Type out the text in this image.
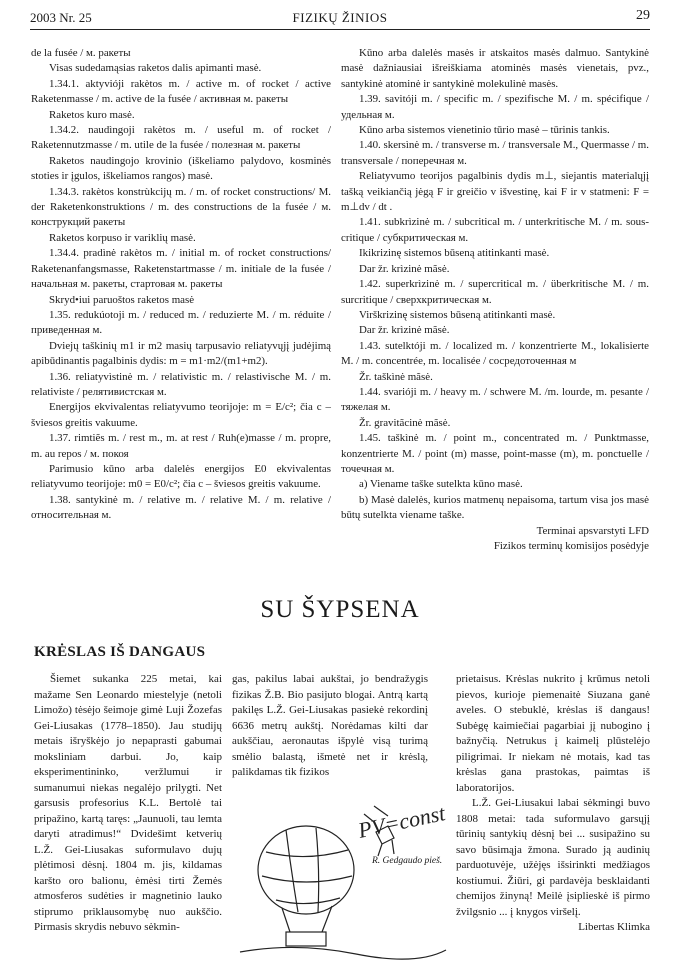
2003 Nr. 25	FIZIKŲ ŽINIOS	29

de la fusée / м. ракеты

Visas sudedamąsias raketos dalis apimanti masė.

1.34.1. aktyvióji rakètos m. / active m. of rocket / active Raketenmasse / m. active de la fusée / активная м. ракеты

Raketos kuro masė.

1.34.2. naudìngoji rakètos m. / useful m. of rocket / Raketennutzmasse / m. utile de la fusée / полезная м. ракеты

Raketos naudingojo krovinio (iškeliamo palydovo, kosminės stoties ir įgulos, iškeliamos rangos) masė.

1.34.3. rakètos konstrùkcijų m. / m. of rocket constructions/ M. der Raketenkonstruktions / m. des constructions de la fusée / м. конструкций ракеты

Raketos korpuso ir variklių masė.

1.34.4. pradìnė rakètos m. / initial m. of rocket constructions/ Raketenanfangsmasse, Raketenstartmasse / m. initiale de la fusée / начальная м. ракеты, стартовая м. ракеты

Skryd•iui paruoštos raketos masė

1.35. redukúotoji m. / reduced m. / reduzierte M. / m. réduite / приведенная м.

Dviejų taškinių m1 ir m2 masių tarpusavio reliatyvųjį judėjimą apibūdinantis pagalbinis dydis: m = m1·m2/(m1+m2).

1.36. reliatyvìstinė m. / relativistic m. / relastivische M. / m. relativiste / релятивистская м.

Energijos ekvivalentas reliatyvumo teorijoje: m = E/c²; čia c – šviesos greitis vakuume.

1.37. rimtiẽs m. / rest m., m. at rest / Ruh(e)masse / m. propre, m. au repos / м. покоя

Parimusio kūno arba dalelės energijos E0 ekvivalentas reliatyvumo teorijoje: m0 = E0/c²; čia c – šviesos greitis vakuume.

1.38. santykìnė m. / relative m. / relative M. / m. relative / относительная м.

Kūno arba dalelės masės ir atskaitos masės dalmuo. Santykinė masė dažniausiai išreiškiama atominės masės vienetais, pvz., santykinė atominė ir santykinė molekulinė masės.

1.39. savitóji m. / specific m. / spezifische M. / m. spécifique / удельная м.

Kūno arba sistemos vienetinio tūrio masė – tūrinis tankis.

1.40. skersìnė m. / transverse m. / transversale M., Quermasse / m. transversale / поперечная м.

Reliatyvumo teorijos pagalbinis dydis m⊥, siejantis materialųjį tašką veikiančią jėgą F ir greičio v išvestinę, kai F ir v statmeni: F = m⊥dv / dt .

1.41. subkrìzinė m. / subcritical m. / unterkritische M. / m. sous-critique / субкритическая м.

Ikikrizinę sistemos būseną atitinkanti masė.

Dar žr. krìzinė mãsė.

1.42. superkrìzinė m. / supercritical m. / überkritische M. / m. surcritique / сверхкритическая м.

Virškrizinę sistemos būseną atitinkanti masė.

Dar žr. krìzinė mãsė.

1.43. sutelktóji m. / localized m. / konzentrierte M., lokalisierte M. / m. concentrée, m. localisée / сосредоточенная м

Žr. taškìnė mãsė.

1.44. svarióji m. / heavy m. / schwere M. /m. lourde, m. pesante / тяжелая м.

Žr. gravitãcinė mãsė.

1.45. taškìnė m. / point m., concentrated m. / Punktmasse, konzentrierte M. / point (m) masse, point-masse (m), m. ponctuelle / точечная м.

a) Viename taške sutelkta kūno masė.

b) Masė dalelės, kurios matmenų nepaisoma, tartum visa jos masė būtų sutelkta viename taške.

Terminai apsvarstyti LFD

Fizikos terminų komisijos posėdyje

SU ŠYPSENA
KRĖSLAS IŠ DANGAUS

Šiemet sukanka 225 metai, kai mažame Sen Leonardo miestelyje (netoli Limožo) tėsėjo šeimoje gimė Luji Žozefas Gei-Liusakas (1778–1850). Jau studijų metais išryškėjo jo nepaprasti gabumai moksliniam darbui. Jo, kaip eksperimentininko, veržlumui ir sumanumui niekas negalėjo prilygti. Net garsusis profesorius K.L. Bertolė tai pripažino, kartą taręs: „Jaunuoli, tau lemta daryti atradimus!“ Dvidešimt ketverių L.Ž. Gei-Liusakas suformulavo dujų plėtimosi dėsnį. 1804 m. jis, kildamas karšto oro balionu, ėmėsi tirti Žemės atmosferos sudėties ir magnetinio lauko stiprumo priklausomybę nuo aukščio. Pirmasis skrydis nebuvo sėkmin-

gas, pakilus labai aukštai, jo bendražygis fizikas Ž.B. Bio pasijuto blogai. Antrą kartą pakilęs L.Ž. Gei-Liusakas pasiekė rekordinį 6636 metrų aukštį. Norėdamas kilti dar aukščiau, aeronautas išpylė visą turimą smėlio balastą, išmetė net ir krėslą, palikdamas tik fizikos

prietaisus. Krėslas nukrito į krūmus netoli pievos, kurioje piemenaitė Siuzana ganė aveles. O stebuklė, krėslas iš dangaus! Subėgę kaimiečiai pagarbiai jį nubogino į bažnyčią. Netrukus į kaimelį plūstelėjo piligrimai. Ir niekam nė motais, kad tas krėslas gana prastokas, paimtas iš laboratorijos.

L.Ž. Gei-Liusakui labai sėkmingi buvo 1808 metai: tada suformulavo garsųjį tūrinių santykių dėsnį bei ... susipažino su savo būsimąja žmona. Surado ją audinių parduotuvėje, užėjęs išsirinkti medžiagos kostiumui. Žiūri, gi pardavėja besklaidanti chemijos žinyną! Meilė įsiplieskė iš pirmo žvilgsnio ... į knygos viršelį.

Libertas Klimka

PV=const
R. Gedgaudo pieš.
